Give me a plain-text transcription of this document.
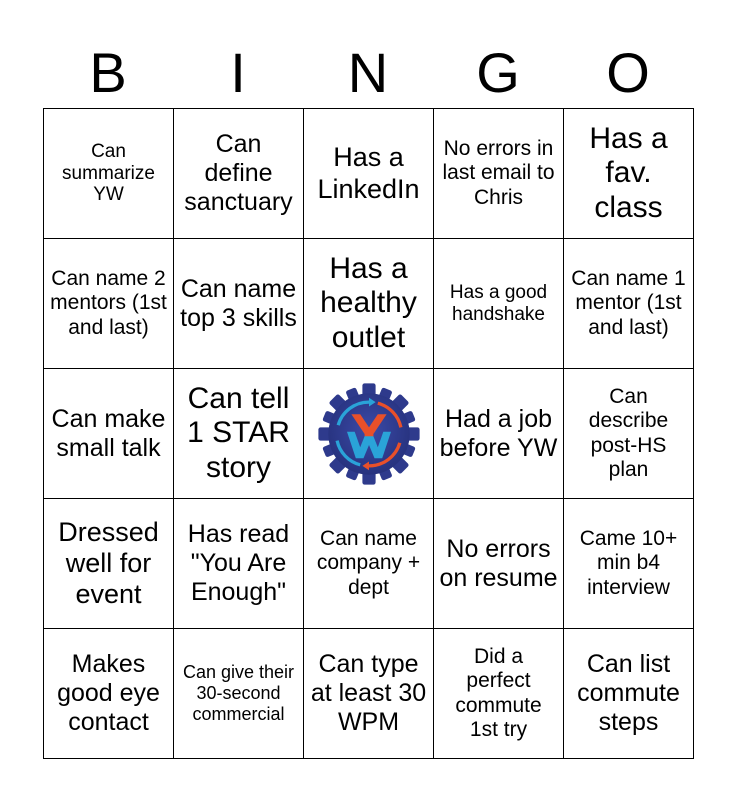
B	I	N	G	O
Can summarize YW
Can define sanctuary
Has a LinkedIn
No errors in last email to Chris
Has a fav. class
Can name 2 mentors (1st and last)
Can name top 3 skills
Has a healthy outlet
Has a good handshake
Can name 1 mentor (1st and last)
Can make small talk
Can tell 1 STAR story
Had a job before YW
Can describe post-HS plan
Dressed well for event
Has read "You Are Enough"
Can name company + dept
No errors on resume
Came 10+ min b4 interview
Makes good eye contact
Can give their 30-second commercial
Can type at least 30 WPM
Did a perfect commute 1st try
Can list commute steps
